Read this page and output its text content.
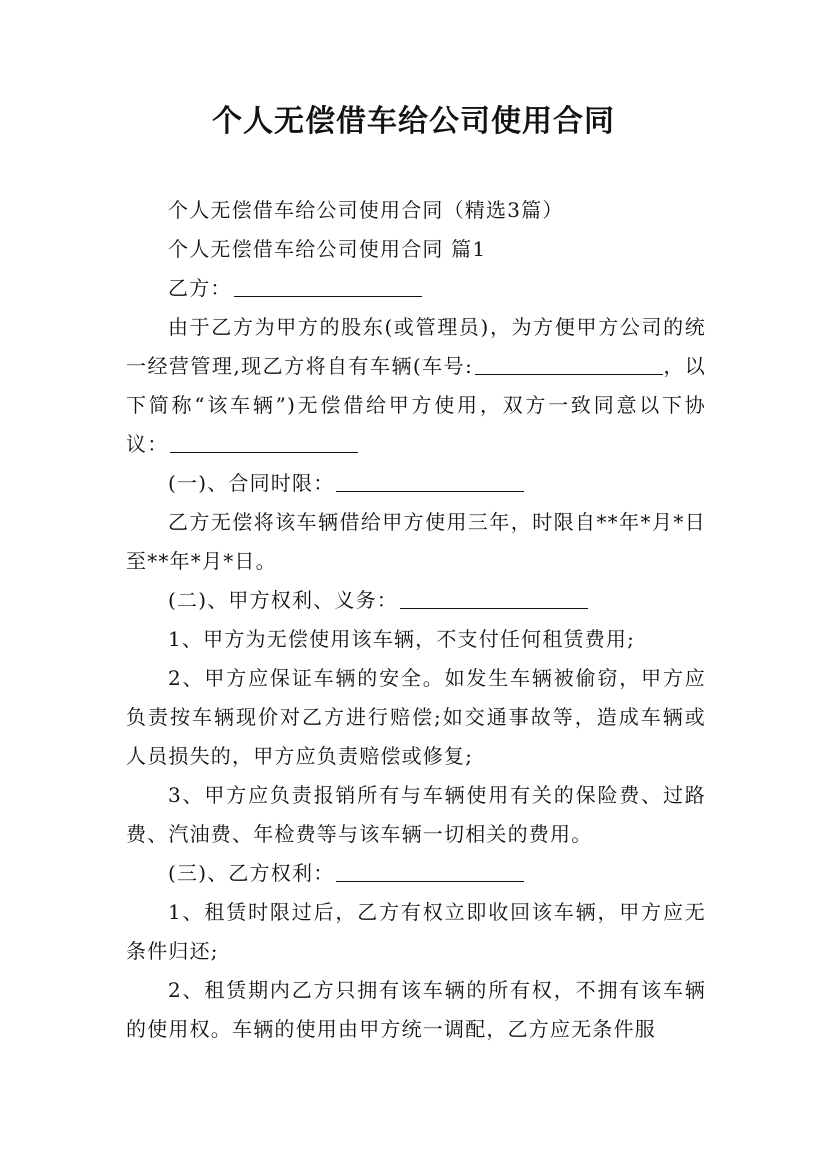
个人无偿借车给公司使用合同

个人无偿借车给公司使用合同（精选3篇）

个人无偿借车给公司使用合同 篇1

乙方：

由于乙方为甲方的股东(或管理员)，为方便甲方公司的统一经营管理,现乙方将自有车辆(车号:	，以下简称“该车辆”)无偿借给甲方使用，双方一致同意以下协议：

(一)、合同时限：

乙方无偿将该车辆借给甲方使用三年，时限自**年*月*日至**年*月*日。

(二)、甲方权利、义务：

1、甲方为无偿使用该车辆，不支付任何租赁费用;

2、甲方应保证车辆的安全。如发生车辆被偷窃，甲方应负责按车辆现价对乙方进行赔偿;如交通事故等，造成车辆或人员损失的，甲方应负责赔偿或修复;

3、甲方应负责报销所有与车辆使用有关的保险费、过路费、汽油费、年检费等与该车辆一切相关的费用。

(三)、乙方权利：

1、租赁时限过后，乙方有权立即收回该车辆，甲方应无条件归还;

2、租赁期内乙方只拥有该车辆的所有权，不拥有该车辆的使用权。车辆的使用由甲方统一调配，乙方应无条件服
